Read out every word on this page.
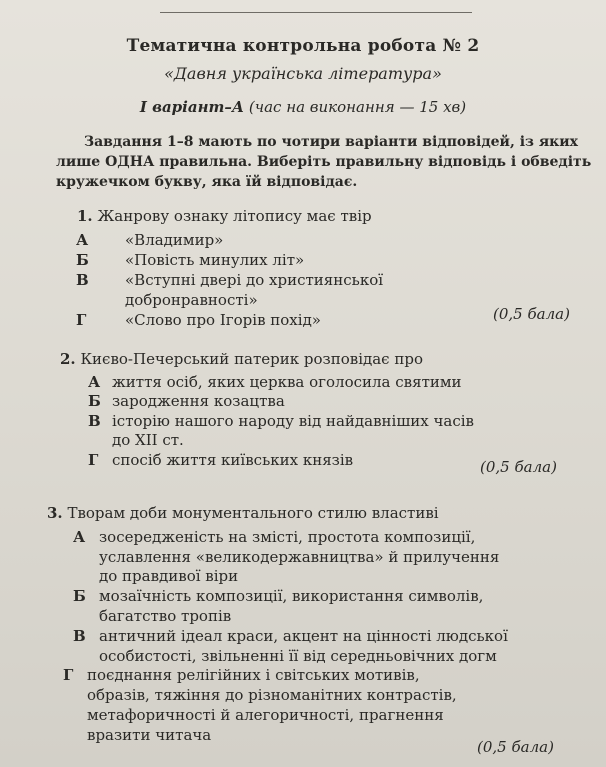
Тематична контрольна робота № 2
«Давня українська література»
І варіант–А (час на виконання — 15 хв)
Завдання 1–8 мають по чотири варіанти відповідей, із яких
лише ОДНА правильна. Виберіть правильну відповідь і обведіть
кружечком букву, яка їй відповідає.
1. Жанрову ознаку літопису має твір
А «Владимир»
Б «Повість минулих літ»
В «Вступні двері до християнської
добронравності»
Г	«Слово про Ігорів похід»	(0,5 бала)
2. Києво-Печерський патерик розповідає про
А життя осіб, яких церква оголосила святими
Б зародження козацтва
В історію нашого народу від найдавніших часів
до ХІІ ст.
Г спосіб життя київських князів	(0,5 бала)
3. Творам доби монументального стилю властиві
А зосередженість на змісті, простота композиції,
уславлення «великодержавництва» й прилучення
до правдивої віри
Б мозаїчність композиції, використання символів,
багатство тропів
В античний ідеал краси, акцент на цінності людської
особистості, звільненні її від середньовічних догм
Г поєднання релігійних і світських мотивів,
образів, тяжіння до різноманітних контрастів,
метафоричності й алегоричності, прагнення
вразити читача
(0,5 бала)
